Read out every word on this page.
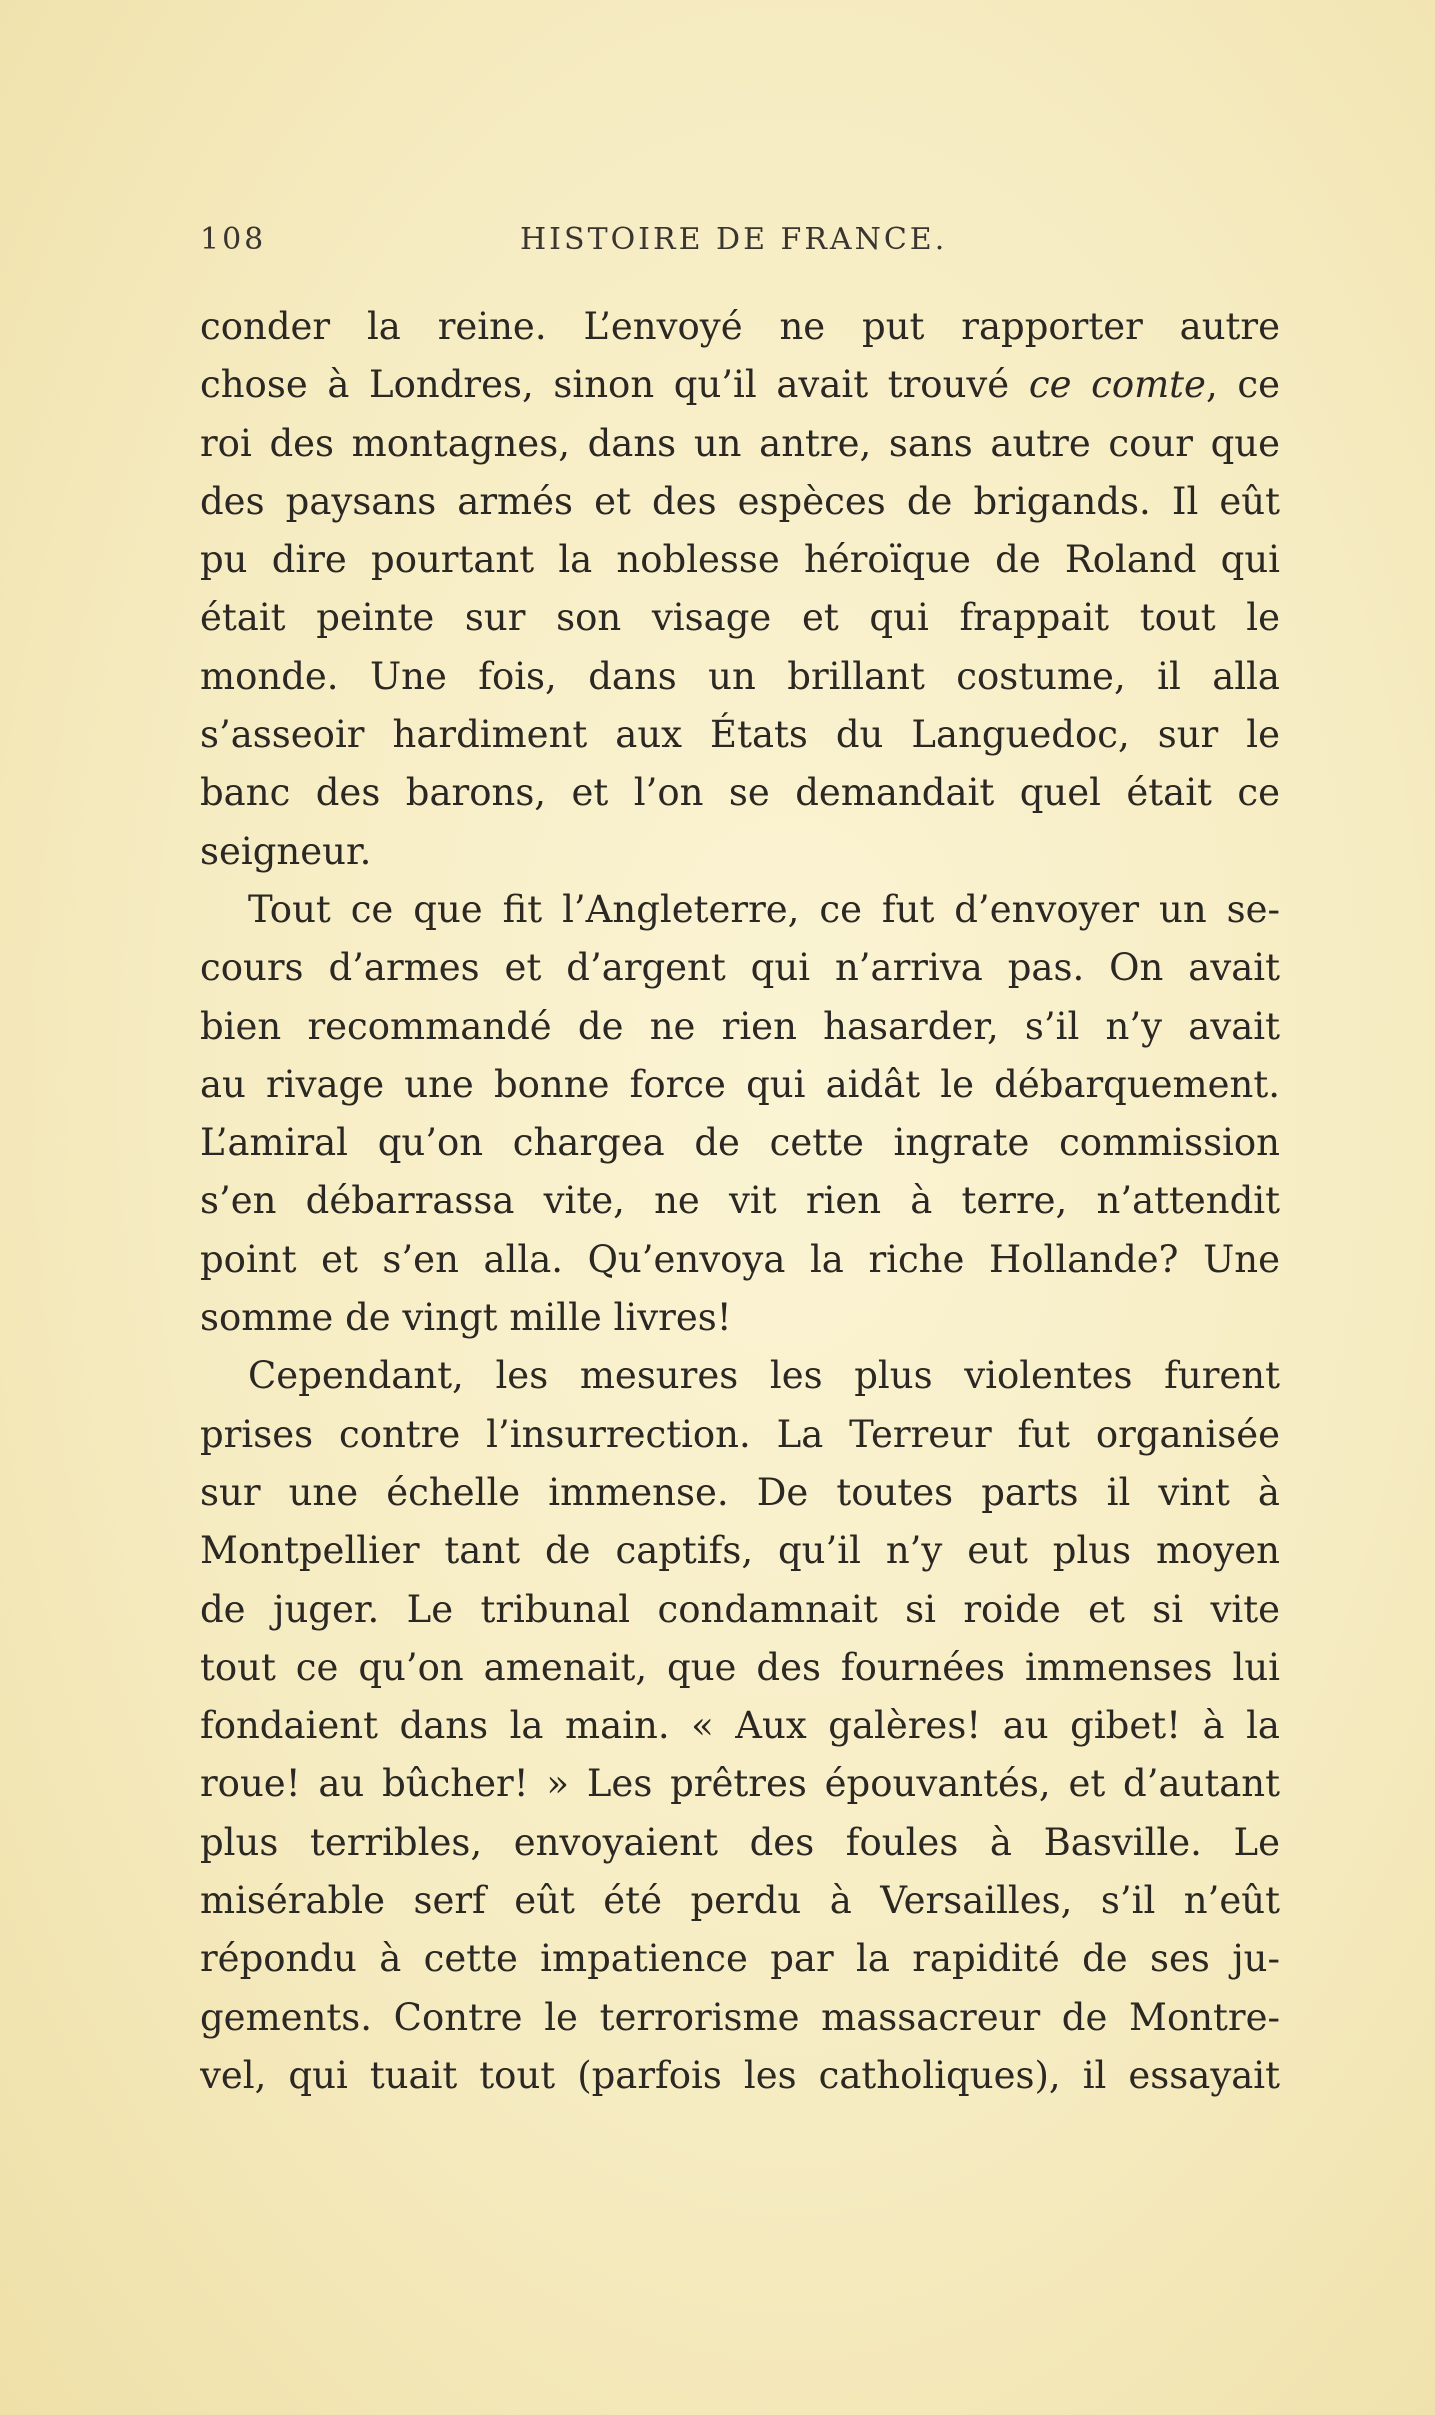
108	HISTOIRE DE FRANCE.

conder la reine. L’envoyé ne put rapporter autre
chose à Londres, sinon qu’il avait trouvé ce comte, ce
roi des montagnes, dans un antre, sans autre cour que
des paysans armés et des espèces de brigands. Il eût
pu dire pourtant la noblesse héroïque de Roland qui
était peinte sur son visage et qui frappait tout le
monde. Une fois, dans un brillant costume, il alla
s’asseoir hardiment aux États du Languedoc, sur le
banc des barons, et l’on se demandait quel était ce
seigneur.

Tout ce que fit l’Angleterre, ce fut d’envoyer un se-
cours d’armes et d’argent qui n’arriva pas. On avait
bien recommandé de ne rien hasarder, s’il n’y avait
au rivage une bonne force qui aidât le débarquement.
L’amiral qu’on chargea de cette ingrate commission
s’en débarrassa vite, ne vit rien à terre, n’attendit
point et s’en alla. Qu’envoya la riche Hollande? Une
somme de vingt mille livres!

Cependant, les mesures les plus violentes furent
prises contre l’insurrection. La Terreur fut organisée
sur une échelle immense. De toutes parts il vint à
Montpellier tant de captifs, qu’il n’y eut plus moyen
de juger. Le tribunal condamnait si roide et si vite
tout ce qu’on amenait, que des fournées immenses lui
fondaient dans la main. « Aux galères! au gibet! à la
roue! au bûcher! » Les prêtres épouvantés, et d’autant
plus terribles, envoyaient des foules à Basville. Le
misérable serf eût été perdu à Versailles, s’il n’eût
répondu à cette impatience par la rapidité de ses ju-
gements. Contre le terrorisme massacreur de Montre-
vel, qui tuait tout (parfois les catholiques), il essayait
